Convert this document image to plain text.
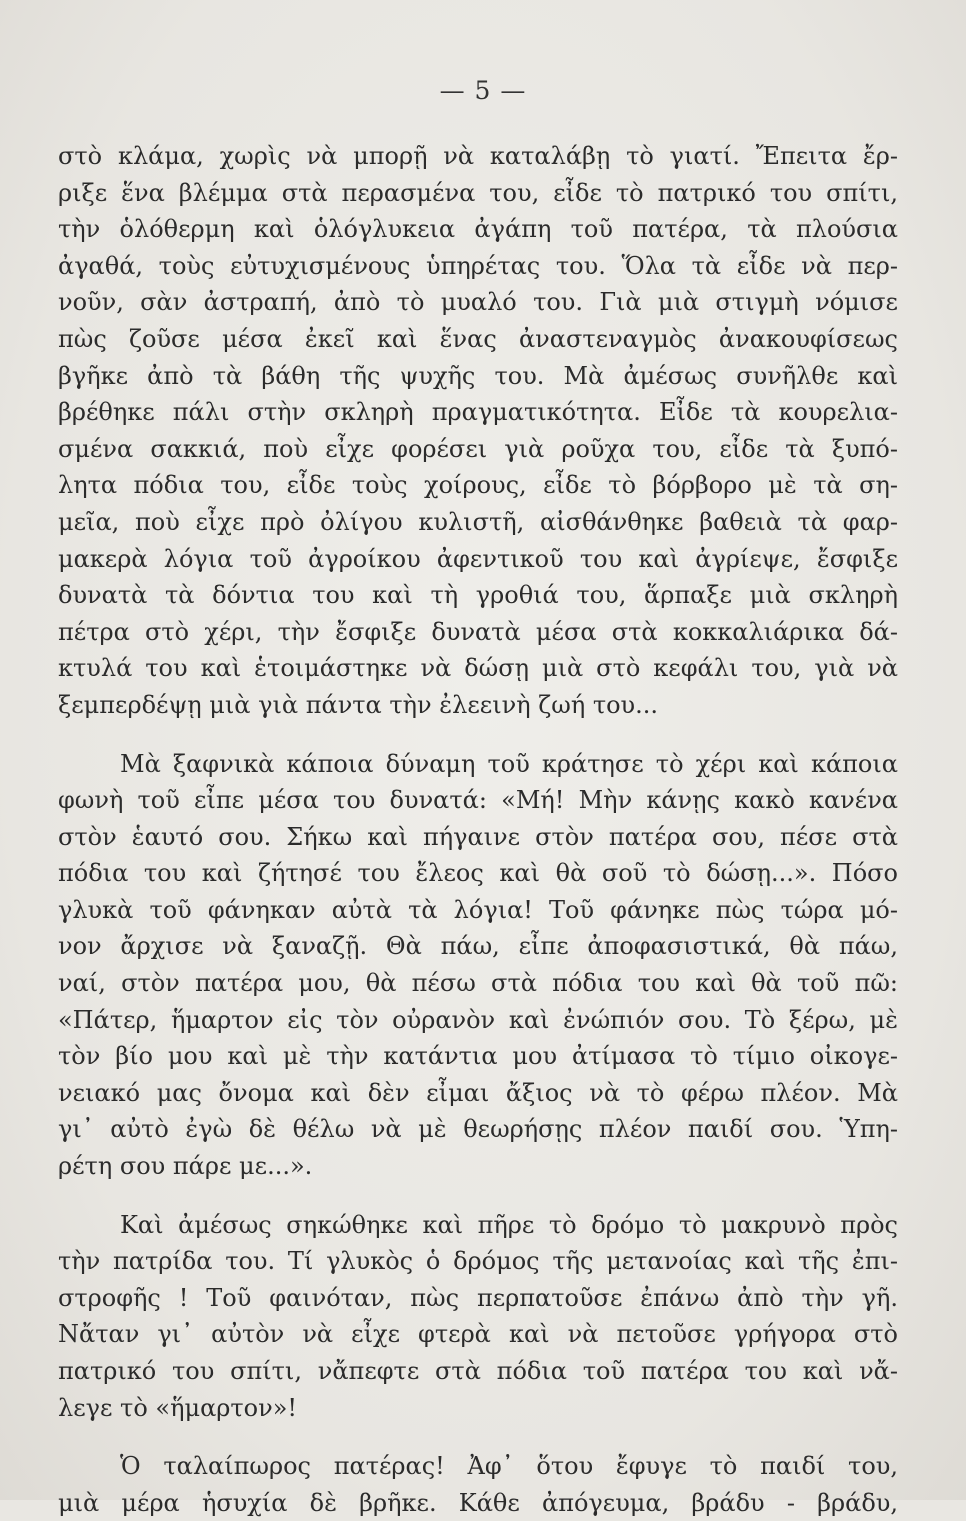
— 5 —
στὸ κλάμα, χωρὶς νὰ μπορῇ νὰ καταλάβῃ τὸ γιατί. Ἔπειτα ἔρ-
ριξε ἕνα βλέμμα στὰ περασμένα του, εἶδε τὸ πατρικό του σπίτι,
τὴν ὁλόθερμη καὶ ὁλόγλυκεια ἀγάπη τοῦ πατέρα, τὰ πλούσια
ἀγαθά, τοὺς εὐτυχισμένους ὑπηρέτας του. Ὅλα τὰ εἶδε νὰ περ-
νοῦν, σὰν ἀστραπή, ἀπὸ τὸ μυαλό του. Γιὰ μιὰ στιγμὴ νόμισε
πὼς ζοῦσε μέσα ἐκεῖ καὶ ἕνας ἀναστεναγμὸς ἀνακουφίσεως
βγῆκε ἀπὸ τὰ βάθη τῆς ψυχῆς του. Μὰ ἀμέσως συνῆλθε καὶ
βρέθηκε πάλι στὴν σκληρὴ πραγματικότητα. Εἶδε τὰ κουρελια-
σμένα σακκιά, ποὺ εἶχε φορέσει γιὰ ροῦχα του, εἶδε τὰ ξυπό-
λητα πόδια του, εἶδε τοὺς χοίρους, εἶδε τὸ βόρβορο μὲ τὰ ση-
μεῖα, ποὺ εἶχε πρὸ ὀλίγου κυλιστῆ, αἰσθάνθηκε βαθειὰ τὰ φαρ-
μακερὰ λόγια τοῦ ἀγροίκου ἀφεντικοῦ του καὶ ἀγρίεψε, ἔσφιξε
δυνατὰ τὰ δόντια του καὶ τὴ γροθιά του, ἅρπαξε μιὰ σκληρὴ
πέτρα στὸ χέρι, τὴν ἔσφιξε δυνατὰ μέσα στὰ κοκκαλιάρικα δά-
κτυλά του καὶ ἑτοιμάστηκε νὰ δώσῃ μιὰ στὸ κεφάλι του, γιὰ νὰ
ξεμπερδέψῃ μιὰ γιὰ πάντα τὴν ἐλεεινὴ ζωή του...
Μὰ ξαφνικὰ κάποια δύναμη τοῦ κράτησε τὸ χέρι καὶ κάποια
φωνὴ τοῦ εἶπε μέσα του δυνατά: «Μή! Μὴν κάνῃς κακὸ κανένα
στὸν ἑαυτό σου. Σήκω καὶ πήγαινε στὸν πατέρα σου, πέσε στὰ
πόδια του καὶ ζήτησέ του ἔλεος καὶ θὰ σοῦ τὸ δώσῃ...». Πόσο
γλυκὰ τοῦ φάνηκαν αὐτὰ τὰ λόγια! Τοῦ φάνηκε πὼς τώρα μό-
νον ἄρχισε νὰ ξαναζῇ. Θὰ πάω, εἶπε ἀποφασιστικά, θὰ πάω,
ναί, στὸν πατέρα μου, θὰ πέσω στὰ πόδια του καὶ θὰ τοῦ πῶ:
«Πάτερ, ἥμαρτον εἰς τὸν οὐρανὸν καὶ ἐνώπιόν σου. Τὸ ξέρω, μὲ
τὸν βίο μου καὶ μὲ τὴν κατάντια μου ἀτίμασα τὸ τίμιο οἰκογε-
νειακό μας ὄνομα καὶ δὲν εἶμαι ἄξιος νὰ τὸ φέρω πλέον. Μὰ
γι᾽ αὐτὸ ἐγὼ δὲ θέλω νὰ μὲ θεωρήσῃς πλέον παιδί σου. Ὑπη-
ρέτη σου πάρε με...».
Καὶ ἀμέσως σηκώθηκε καὶ πῆρε τὸ δρόμο τὸ μακρυνὸ πρὸς
τὴν πατρίδα του. Τί γλυκὸς ὁ δρόμος τῆς μετανοίας καὶ τῆς ἐπι-
στροφῆς ! Τοῦ φαινόταν, πὼς περπατοῦσε ἐπάνω ἀπὸ τὴν γῆ.
Νἄταν γι᾽ αὐτὸν νὰ εἶχε φτερὰ καὶ νὰ πετοῦσε γρήγορα στὸ
πατρικό του σπίτι, νἄπεφτε στὰ πόδια τοῦ πατέρα του καὶ νἄ-
λεγε τὸ «ἥμαρτον»!
Ὁ ταλαίπωρος πατέρας! Ἀφ᾽ ὅτου ἔφυγε τὸ παιδί του,
μιὰ μέρα ἡσυχία δὲ βρῆκε. Κάθε ἀπόγευμα, βράδυ - βράδυ,
